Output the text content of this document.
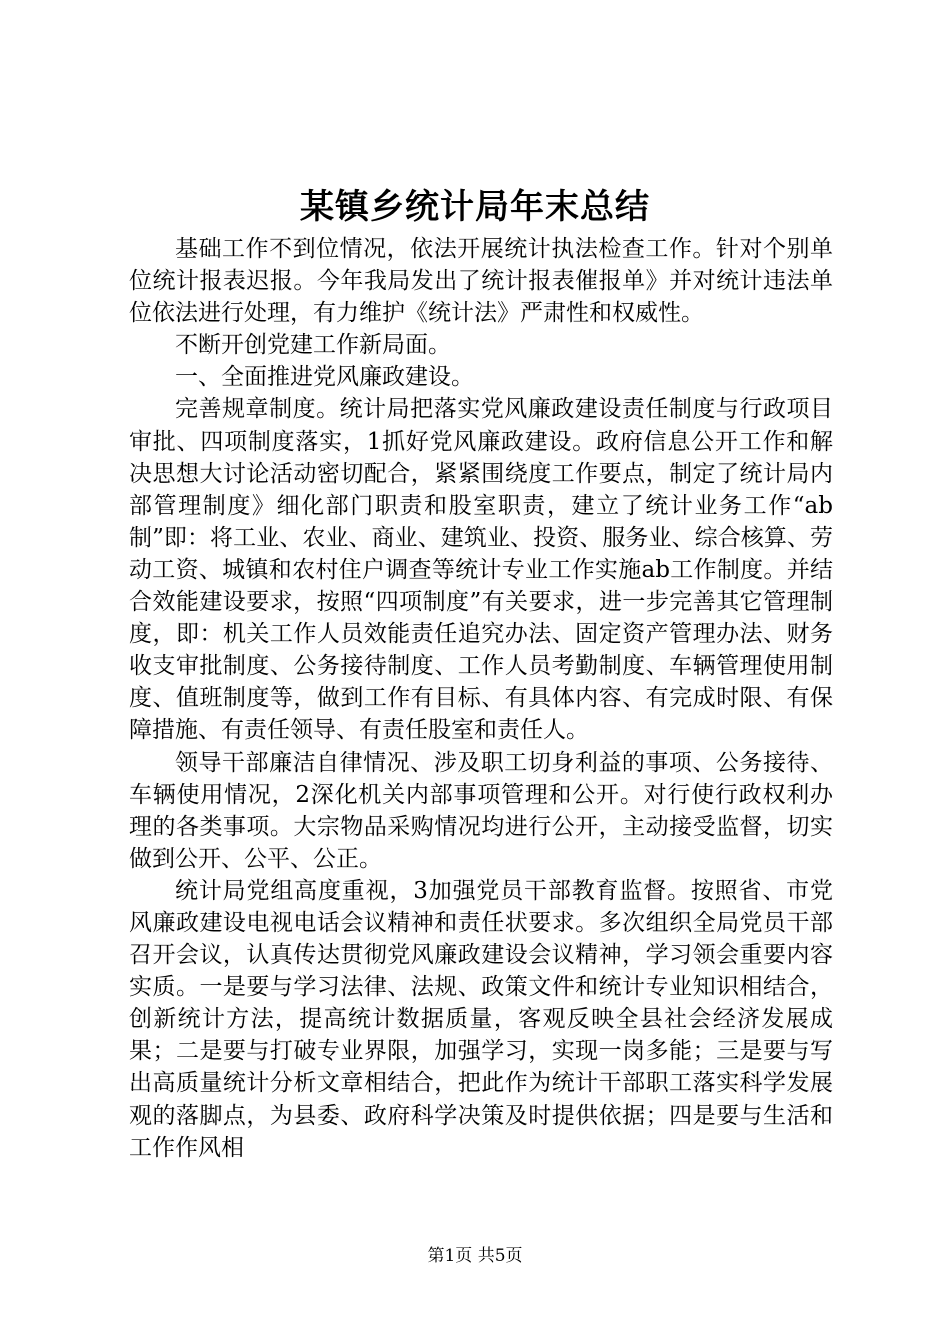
某镇乡统计局年末总结

基础工作不到位情况，依法开展统计执法检查工作。针对个别单位统计报表迟报。今年我局发出了统计报表催报单》并对统计违法单位依法进行处理，有力维护《统计法》严肃性和权威性。

不断开创党建工作新局面。

一、全面推进党风廉政建设。

完善规章制度。统计局把落实党风廉政建设责任制度与行政项目审批、四项制度落实，1抓好党风廉政建设。政府信息公开工作和解决思想大讨论活动密切配合，紧紧围绕度工作要点，制定了统计局内部管理制度》细化部门职责和股室职责，建立了统计业务工作“ab制”即：将工业、农业、商业、建筑业、投资、服务业、综合核算、劳动工资、城镇和农村住户调查等统计专业工作实施ab工作制度。并结合效能建设要求，按照“四项制度”有关要求，进一步完善其它管理制度，即：机关工作人员效能责任追究办法、固定资产管理办法、财务收支审批制度、公务接待制度、工作人员考勤制度、车辆管理使用制度、值班制度等，做到工作有目标、有具体内容、有完成时限、有保障措施、有责任领导、有责任股室和责任人。

领导干部廉洁自律情况、涉及职工切身利益的事项、公务接待、车辆使用情况，2深化机关内部事项管理和公开。对行使行政权利办理的各类事项。大宗物品采购情况均进行公开，主动接受监督，切实做到公开、公平、公正。

统计局党组高度重视，3加强党员干部教育监督。按照省、市党风廉政建设电视电话会议精神和责任状要求。多次组织全局党员干部召开会议，认真传达贯彻党风廉政建设会议精神，学习领会重要内容实质。一是要与学习法律、法规、政策文件和统计专业知识相结合，创新统计方法，提高统计数据质量，客观反映全县社会经济发展成果；二是要与打破专业界限，加强学习，实现一岗多能；三是要与写出高质量统计分析文章相结合，把此作为统计干部职工落实科学发展观的落脚点，为县委、政府科学决策及时提供依据；四是要与生活和工作作风相

第1页 共5页
